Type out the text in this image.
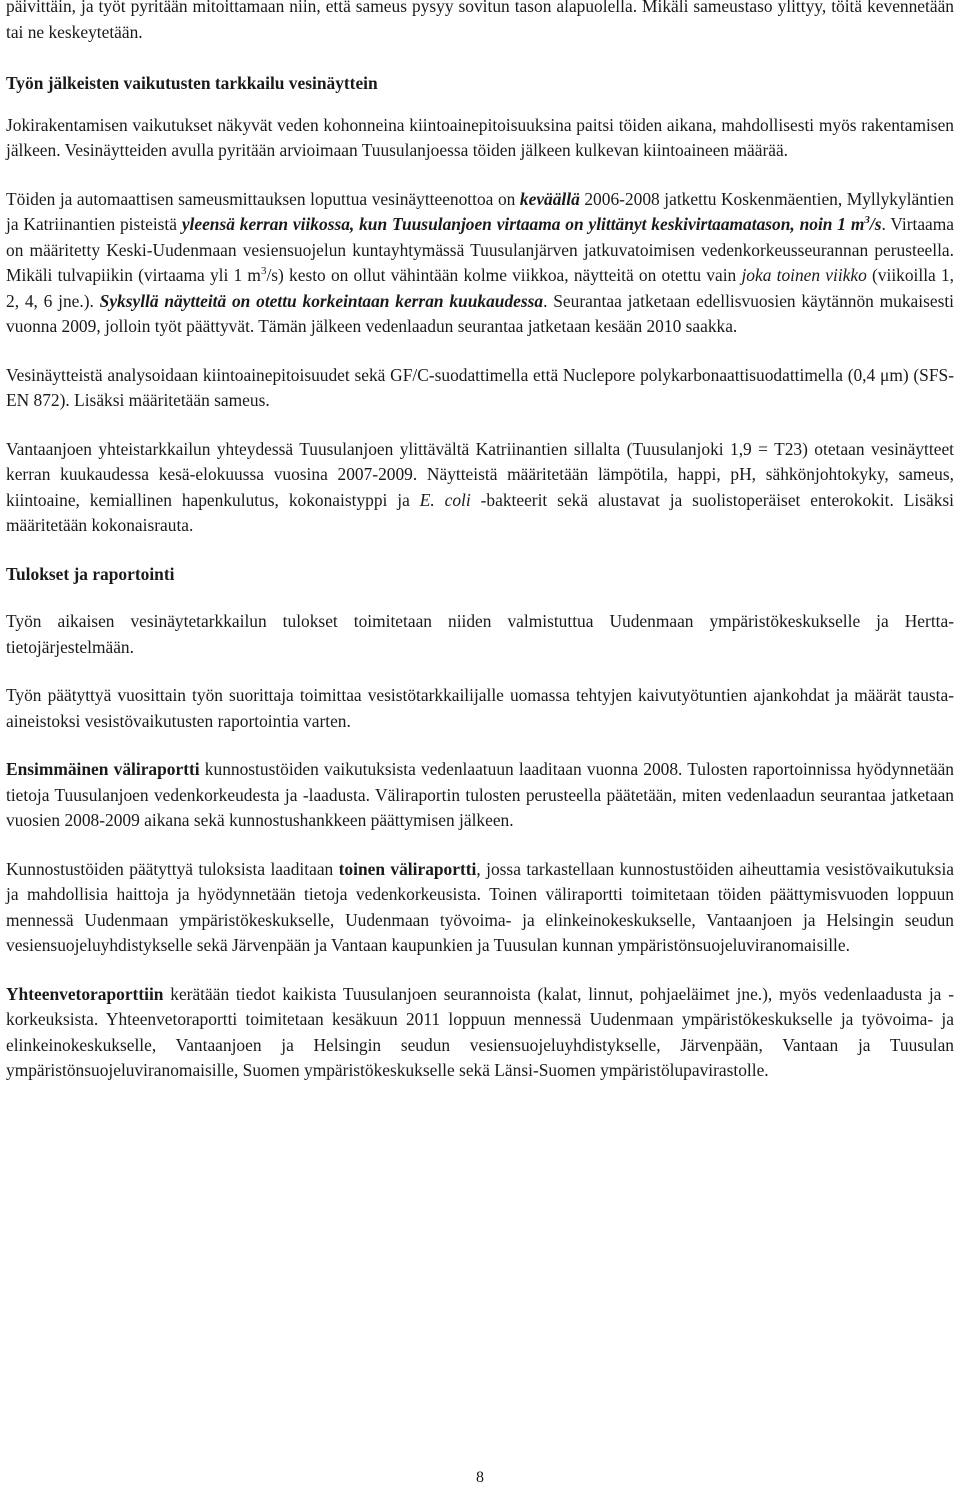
päivittäin, ja työt pyritään mitoittamaan niin, että sameus pysyy sovitun tason alapuolella. Mikäli sameustaso ylittyy, töitä kevennetään tai ne keskeytetään.

Työn jälkeisten vaikutusten tarkkailu vesinäyttein

Jokirakentamisen vaikutukset näkyvät veden kohonneina kiintoainepitoisuuksina paitsi töiden aikana, mahdollisesti myös rakentamisen jälkeen. Vesinäytteiden avulla pyritään arvioimaan Tuusulanjoessa töiden jälkeen kulkevan kiintoaineen määrää.

Töiden ja automaattisen sameusmittauksen loputtua vesinäytteenottoa on keväällä 2006-2008 jatkettu Koskenmäentien, Myllykyläntien ja Katriinantien pisteistä yleensä kerran viikossa, kun Tuusulanjoen virtaama on ylittänyt keskivirtaamatason, noin 1 $m^3/s$. Virtaama on määritetty Keski-Uudenmaan vesiensuojelun kuntayhtymässä Tuusulanjärven jatkuvatoimisen vedenkorkeusseurannan perusteella. Mikäli tulvapiikin (virtaama yli 1 $m^3/s$) kesto on ollut vähintään kolme viikkoa, näytteitä on otettu vain joka toinen viikko (viikoilla 1, 2, 4, 6 jne.). Syksyllä näytteitä on otettu korkeintaan kerran kuukaudessa. Seurantaa jatketaan edellisvuosien käytännön mukaisesti vuonna 2009, jolloin työt päättyvät. Tämän jälkeen vedenlaadun seurantaa jatketaan kesään 2010 saakka.

Vesinäytteistä analysoidaan kiintoainepitoisuudet sekä GF/C-suodattimella että Nuclepore polykarbonaattisuodattimella (0,4 μm) (SFS-EN 872). Lisäksi määritetään sameus.

Vantaanjoen yhteistarkkailun yhteydessä Tuusulanjoen ylittävältä Katriinantien sillalta (Tuusulanjoki 1,9 = T23) otetaan vesinäytteet kerran kuukaudessa kesä-elokuussa vuosina 2007-2009. Näytteistä määritetään lämpötila, happi, pH, sähkönjohtokyky, sameus, kiintoaine, kemiallinen hapenkulutus, kokonaistyppi ja E. coli -bakteerit sekä alustavat ja suolistoperäiset enterokokit. Lisäksi määritetään kokonaisrauta.

Tulokset ja raportointi

Työn aikaisen vesinäytetarkkailun tulokset toimitetaan niiden valmistuttua Uudenmaan ympäristökeskukselle ja Hertta-tietojärjestelmään.

Työn päätyttyä vuosittain työn suorittaja toimittaa vesistötarkkailijalle uomassa tehtyjen kaivutyötuntien ajankohdat ja määrät tausta-aineistoksi vesistövaikutusten raportointia varten.

Ensimmäinen väliraportti kunnostustöiden vaikutuksista vedenlaatuun laaditaan vuonna 2008. Tulosten raportoinnissa hyödynnetään tietoja Tuusulanjoen vedenkorkeudesta ja -laadusta. Väliraportin tulosten perusteella päätetään, miten vedenlaadun seurantaa jatketaan vuosien 2008-2009 aikana sekä kunnostushankkeen päättymisen jälkeen.

Kunnostustöiden päätyttyä tuloksista laaditaan toinen väliraportti, jossa tarkastellaan kunnostustöiden aiheuttamia vesistövaikutuksia ja mahdollisia haittoja ja hyödynnetään tietoja vedenkorkeusista. Toinen väliraportti toimitetaan töiden päättymisvuoden loppuun mennessä Uudenmaan ympäristökeskukselle, Uudenmaan työvoima- ja elinkeinokeskukselle, Vantaanjoen ja Helsingin seudun vesiensuojeluyhdistykselle sekä Järvenpään ja Vantaan kaupunkien ja Tuusulan kunnan ympäristönsuojeluviranomaisille.

Yhteenvetoraporttiin kerätään tiedot kaikista Tuusulanjoen seurannoista (kalat, linnut, pohjaeläimet jne.), myös vedenlaadusta ja -korkeuksista. Yhteenvetoraportti toimitetaan kesäkuun 2011 loppuun mennessä Uudenmaan ympäristökeskukselle ja työvoima- ja elinkeinokeskukselle, Vantaanjoen ja Helsingin seudun vesiensuojeluyhdistykselle, Järvenpään, Vantaan ja Tuusulan ympäristönsuojeluviranomaisille, Suomen ympäristökeskukselle sekä Länsi-Suomen ympäristölupavirastolle.

8
